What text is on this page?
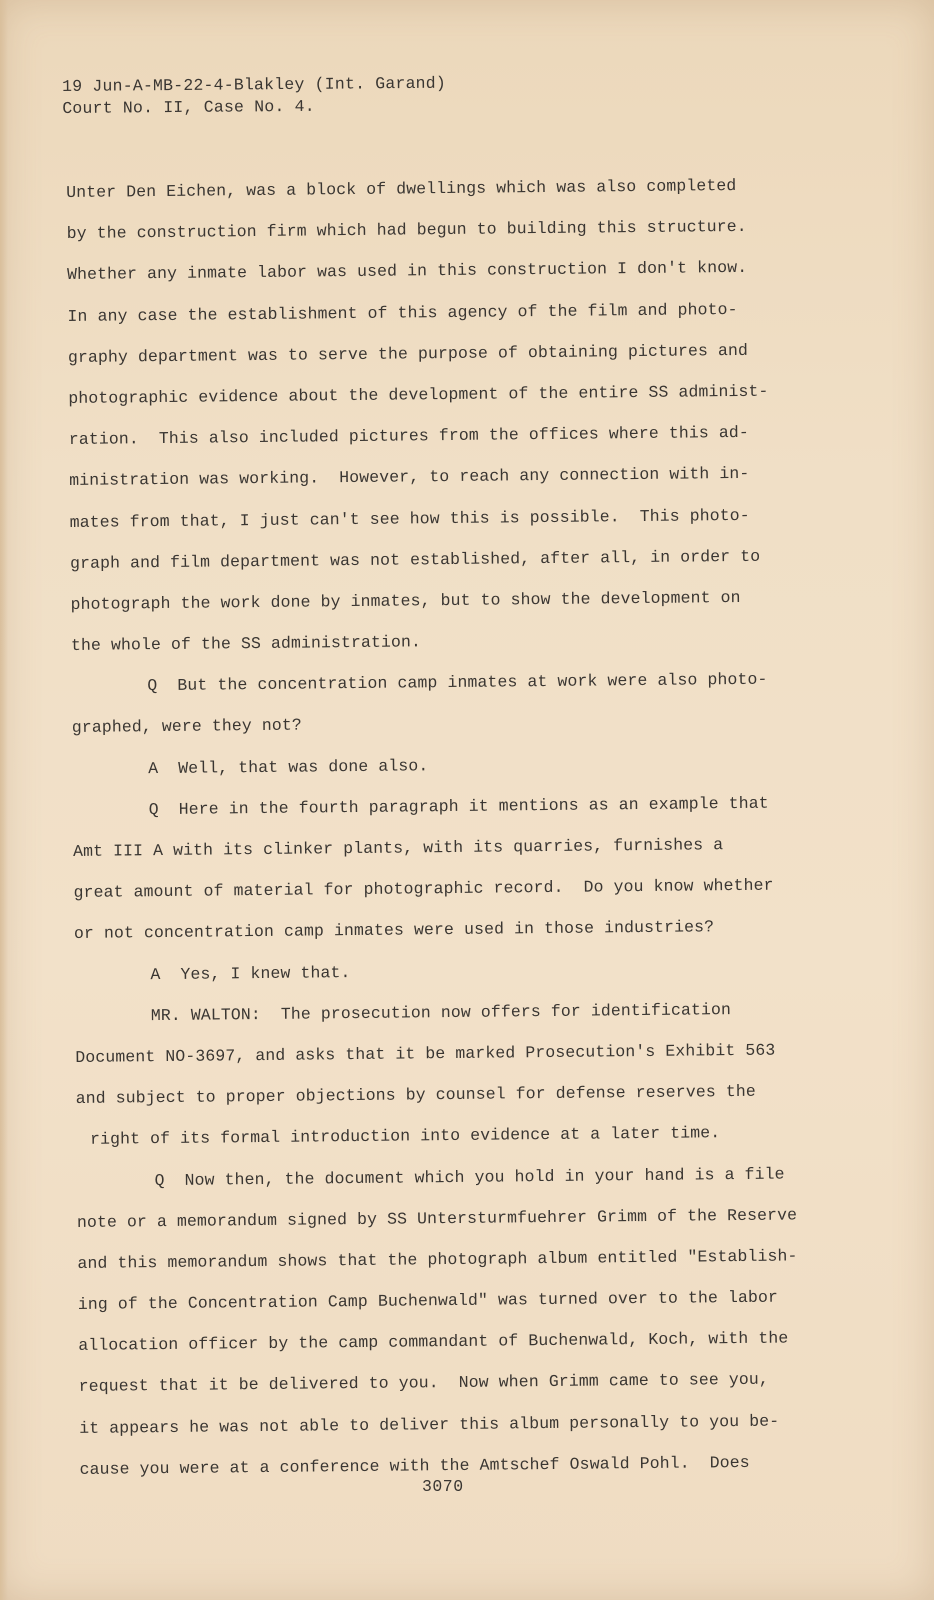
19 Jun-A-MB-22-4-Blakley (Int. Garand)
Court No. II, Case No. 4.
Unter Den Eichen, was a block of dwellings which was also completed
by the construction firm which had begun to building this structure.
Whether any inmate labor was used in this construction I don't know.
In any case the establishment of this agency of the film and photo-
graphy department was to serve the purpose of obtaining pictures and
photographic evidence about the development of the entire SS administ-
ration.  This also included pictures from the offices where this ad-
ministration was working.  However, to reach any connection with in-
mates from that, I just can't see how this is possible.  This photo-
graph and film department was not established, after all, in order to
photograph the work done by inmates, but to show the development on
the whole of the SS administration.
Q  But the concentration camp inmates at work were also photo-
graphed, were they not?
A  Well, that was done also.
Q  Here in the fourth paragraph it mentions as an example that
Amt III A with its clinker plants, with its quarries, furnishes a
great amount of material for photographic record.  Do you know whether
or not concentration camp inmates were used in those industries?
A  Yes, I knew that.
MR. WALTON:  The prosecution now offers for identification
Document NO-3697, and asks that it be marked Prosecution's Exhibit 563
and subject to proper objections by counsel for defense reserves the
right of its formal introduction into evidence at a later time.
Q  Now then, the document which you hold in your hand is a file
note or a memorandum signed by SS Untersturmfuehrer Grimm of the Reserve
and this memorandum shows that the photograph album entitled "Establish-
ing of the Concentration Camp Buchenwald" was turned over to the labor
allocation officer by the camp commandant of Buchenwald, Koch, with the
request that it be delivered to you.  Now when Grimm came to see you,
it appears he was not able to deliver this album personally to you be-
cause you were at a conference with the Amtschef Oswald Pohl.  Does
3070
